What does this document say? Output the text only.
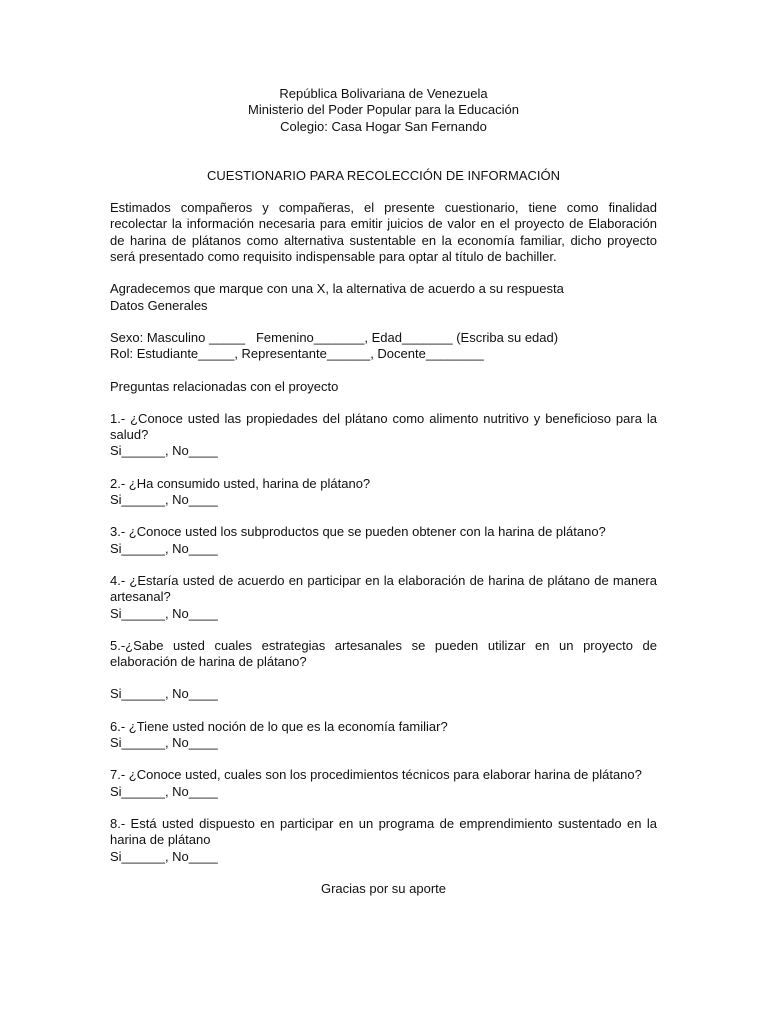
República Bolivariana de Venezuela
Ministerio del Poder Popular para la Educación
Colegio: Casa Hogar San Fernando
CUESTIONARIO PARA RECOLECCIÓN DE INFORMACIÓN
Estimados compañeros y compañeras, el presente cuestionario, tiene como finalidad recolectar la información necesaria para emitir juicios de valor en el proyecto de Elaboración de harina de plátanos como alternativa sustentable en la economía familiar, dicho proyecto será presentado como requisito indispensable para optar al título de bachiller.
Agradecemos que marque con una X, la alternativa de acuerdo a su respuesta
Datos Generales
Sexo: Masculino _____   Femenino_______, Edad_______ (Escriba su edad)
Rol: Estudiante_____, Representante______, Docente________
Preguntas relacionadas con el proyecto
1.- ¿Conoce usted las propiedades del plátano como alimento nutritivo y beneficioso para la salud?
Si______, No____
2.- ¿Ha consumido usted, harina de plátano?
Si______, No____
3.- ¿Conoce usted los subproductos que se pueden obtener con la harina de plátano?
Si______, No____
4.- ¿Estaría usted de acuerdo en participar en la elaboración de harina de plátano de manera artesanal?
Si______, No____
5.-¿Sabe usted cuales estrategias artesanales se pueden utilizar en un proyecto de elaboración de harina de plátano?
Si______, No____
6.- ¿Tiene usted noción de lo que es la economía familiar?
Si______, No____
7.- ¿Conoce usted, cuales son los procedimientos técnicos para elaborar harina de plátano?
Si______, No____
8.- Está usted dispuesto en participar en un programa de emprendimiento sustentado en la harina de plátano
Si______, No____
Gracias por su aporte
